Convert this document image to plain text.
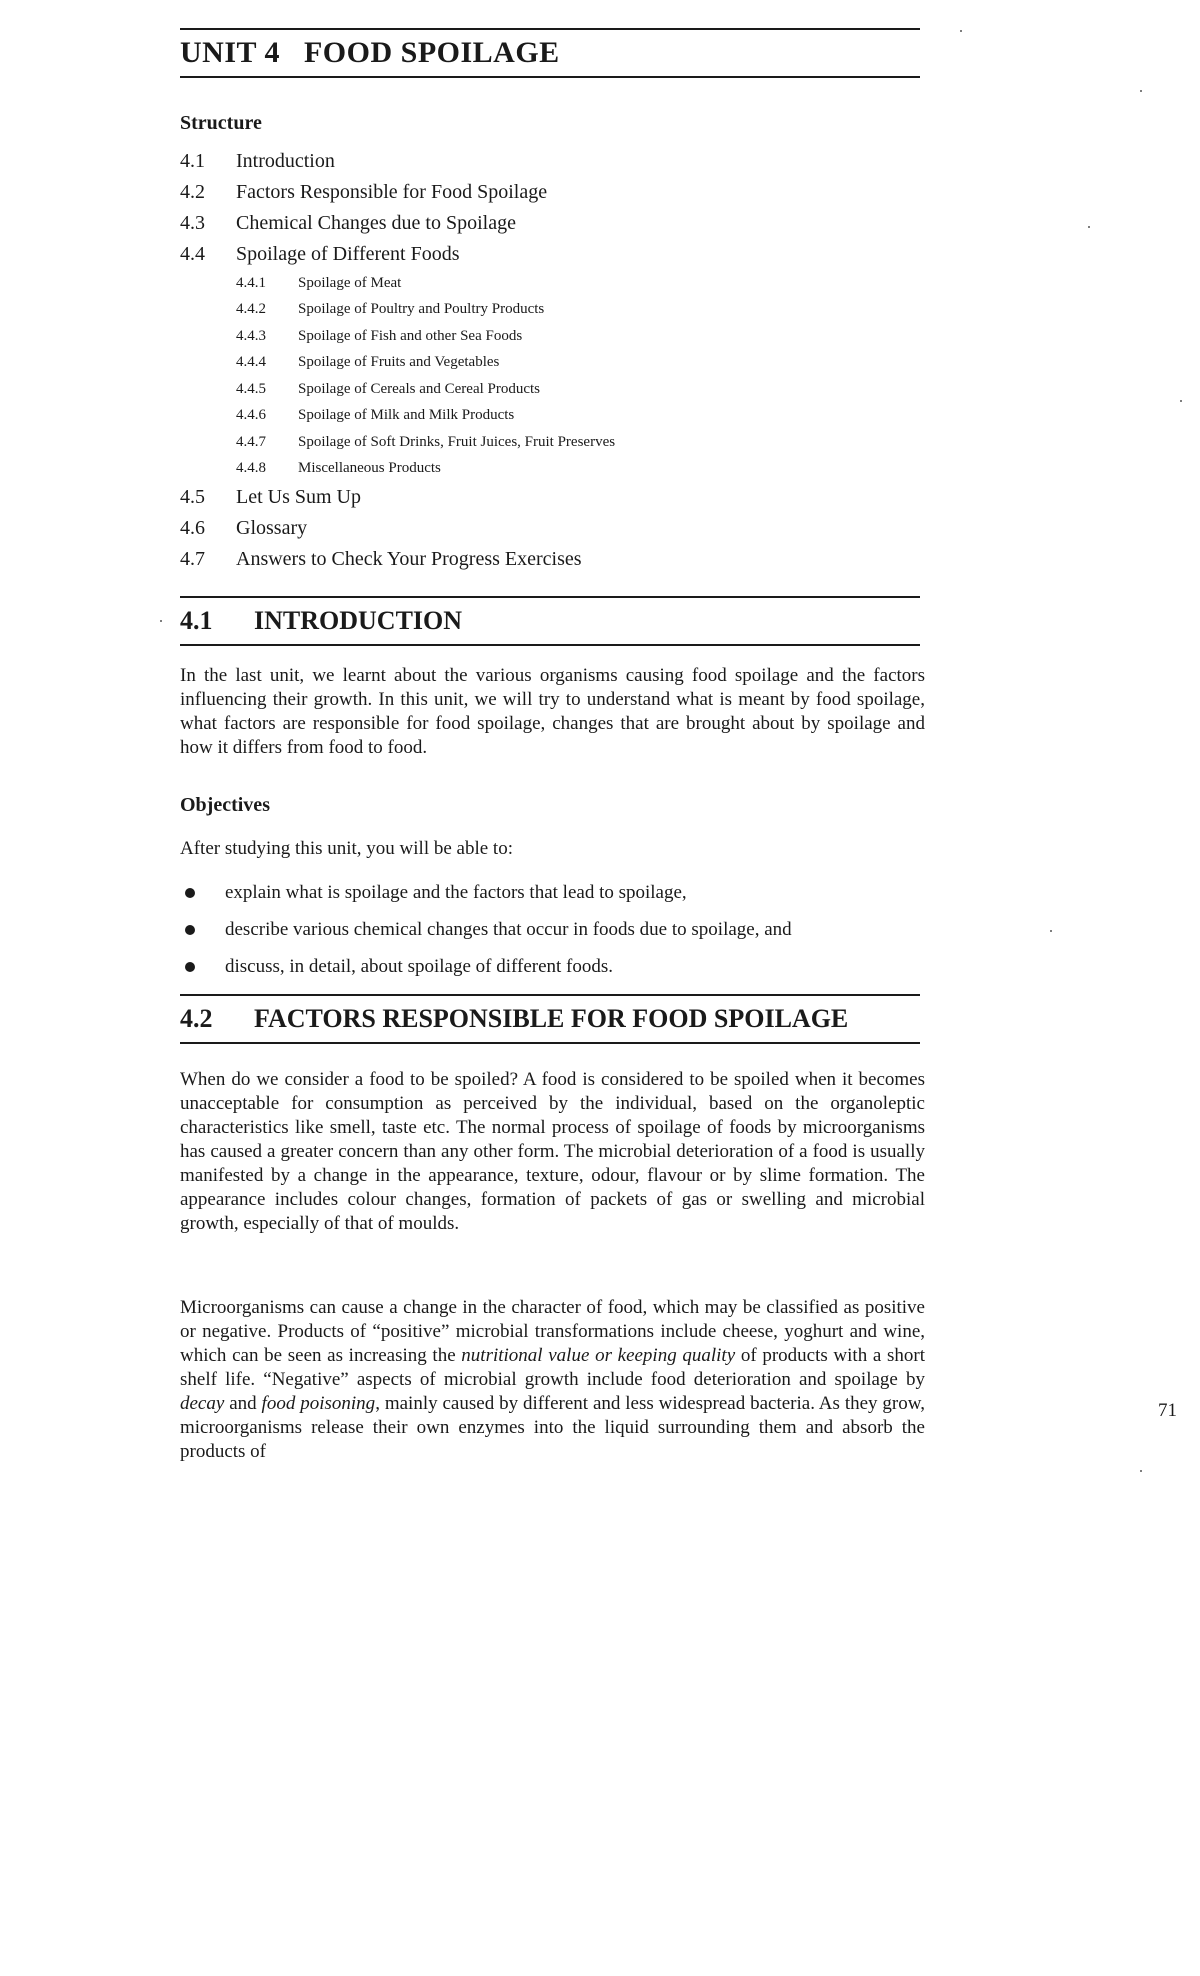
UNIT 4 FOOD SPOILAGE
Structure
4.1	Introduction
4.2	Factors Responsible for Food Spoilage
4.3	Chemical Changes due to Spoilage
4.4	Spoilage of Different Foods
4.4.1	Spoilage of Meat
4.4.2	Spoilage of Poultry and Poultry Products
4.4.3	Spoilage of Fish and other Sea Foods
4.4.4	Spoilage of Fruits and Vegetables
4.4.5	Spoilage of Cereals and Cereal Products
4.4.6	Spoilage of Milk and Milk Products
4.4.7	Spoilage of Soft Drinks, Fruit Juices, Fruit Preserves
4.4.8	Miscellaneous Products
4.5	Let Us Sum Up
4.6	Glossary
4.7	Answers to Check Your Progress Exercises
4.1 INTRODUCTION

In the last unit, we learnt about the various organisms causing food spoilage and the factors influencing their growth. In this unit, we will try to understand what is meant by food spoilage, what factors are responsible for food spoilage, changes that are brought about by spoilage and how it differs from food to food.

Objectives
After studying this unit, you will be able to:
explain what is spoilage and the factors that lead to spoilage,
describe various chemical changes that occur in foods due to spoilage, and
discuss, in detail, about spoilage of different foods.
4.2 FACTORS RESPONSIBLE FOR FOOD SPOILAGE

When do we consider a food to be spoiled? A food is considered to be spoiled when it becomes unacceptable for consumption as perceived by the individual, based on the organoleptic characteristics like smell, taste etc. The normal process of spoilage of foods by microorganisms has caused a greater concern than any other form. The microbial deterioration of a food is usually manifested by a change in the appearance, texture, odour, flavour or by slime formation. The appearance includes colour changes, formation of packets of gas or swelling and microbial growth, especially of that of moulds.

Microorganisms can cause a change in the character of food, which may be classified as positive or negative. Products of “positive” microbial transformations include cheese, yoghurt and wine, which can be seen as increasing the nutritional value or keeping quality of products with a short shelf life. “Negative” aspects of microbial growth include food deterioration and spoilage by decay and food poisoning, mainly caused by different and less widespread bacteria. As they grow, microorganisms release their own enzymes into the liquid surrounding them and absorb the products of

71
